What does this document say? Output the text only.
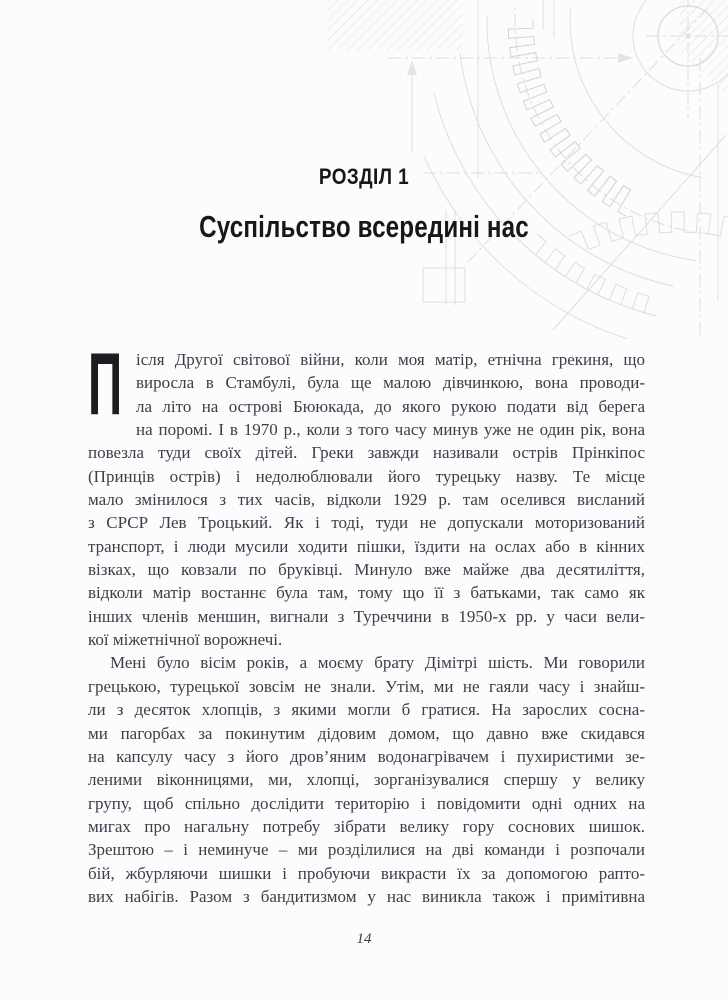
РОЗДІЛ 1
Суспільство всередині нас
П ісля Другої світової війни, коли моя матір, етнічна грекиня, що
виросла в Стамбулі, була ще малою дівчинкою, вона проводи-
ла літо на острові Бююкада, до якого рукою подати від берега
на поромі. І в 1970 р., коли з того часу минув уже не один рік, вона
повезла туди своїх дітей. Греки завжди називали острів Прінкіпос
(Принців острів) і недолюблювали його турецьку назву. Те місце
мало змінилося з тих часів, відколи 1929 р. там оселився висланий
з СРСР Лев Троцький. Як і тоді, туди не допускали моторизований
транспорт, і люди мусили ходити пішки, їздити на ослах або в кінних
візках, що ковзали по бруківці. Минуло вже майже два десятиліття,
відколи матір востаннє була там, тому що її з батьками, так само як
інших членів меншин, вигнали з Туреччини в 1950-х рр. у часи вели-
кої міжетнічної ворожнечі.
Мені було вісім років, а моєму брату Дімітрі шість. Ми говорили
грецькою, турецької зовсім не знали. Утім, ми не гаяли часу і знайш-
ли з десяток хлопців, з якими могли б гратися. На зарослих сосна-
ми пагорбах за покинутим дідовим домом, що давно вже скидався
на капсулу часу з його дров’яним водонагрівачем і пухиристими зе-
леними віконницями, ми, хлопці, зорганізувалися спершу у велику
групу, щоб спільно дослідити територію і повідомити одні одних на
мигах про нагальну потребу зібрати велику гору соснових шишок.
Зрештою – і неминуче – ми розділилися на дві команди і розпочали
бій, жбурляючи шишки і пробуючи викрасти їх за допомогою рапто-
вих набігів. Разом з бандитизмом у нас виникла також і примітивна
14
